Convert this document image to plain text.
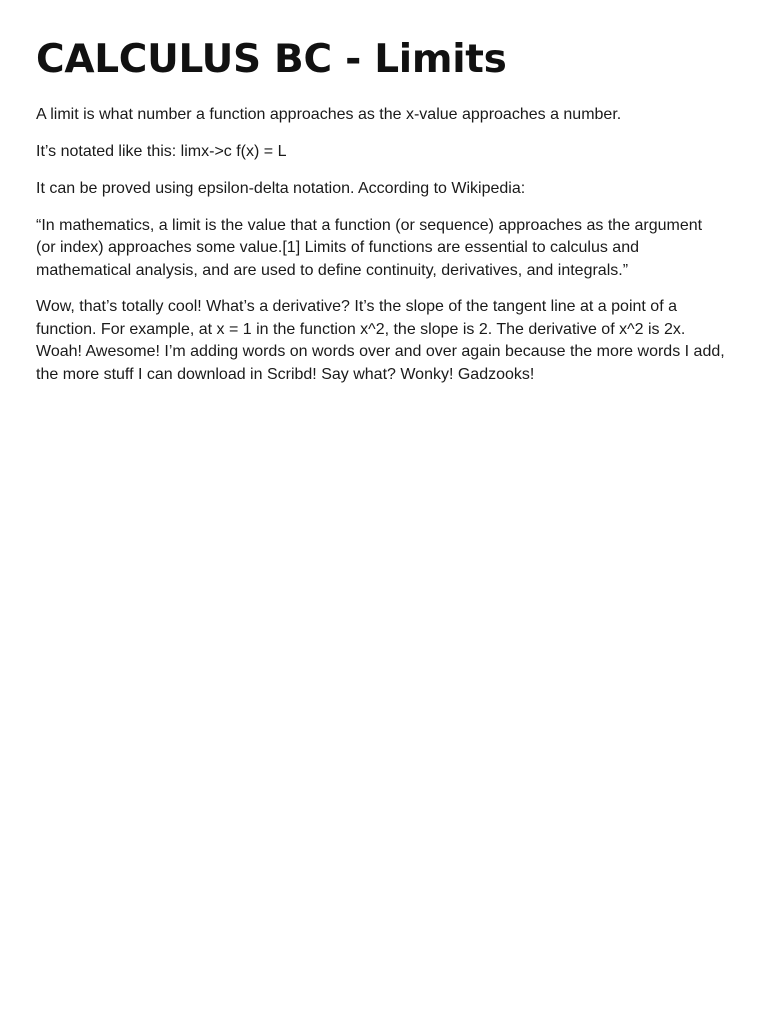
CALCULUS BC - Limits

A limit is what number a function approaches as the x-value approaches a number.

It’s notated like this: limx->c f(x) = L

It can be proved using epsilon-delta notation. According to Wikipedia:

“In mathematics, a limit is the value that a function (or sequence) approaches as the argument (or index) approaches some value.[1] Limits of functions are essential to calculus and mathematical analysis, and are used to define continuity, derivatives, and integrals.”

Wow, that’s totally cool! What’s a derivative? It’s the slope of the tangent line at a point of a function. For example, at x = 1 in the function x^2, the slope is 2. The derivative of x^2 is 2x. Woah! Awesome! I’m adding words on words over and over again because the more words I add, the more stuff I can download in Scribd! Say what? Wonky! Gadzooks!
